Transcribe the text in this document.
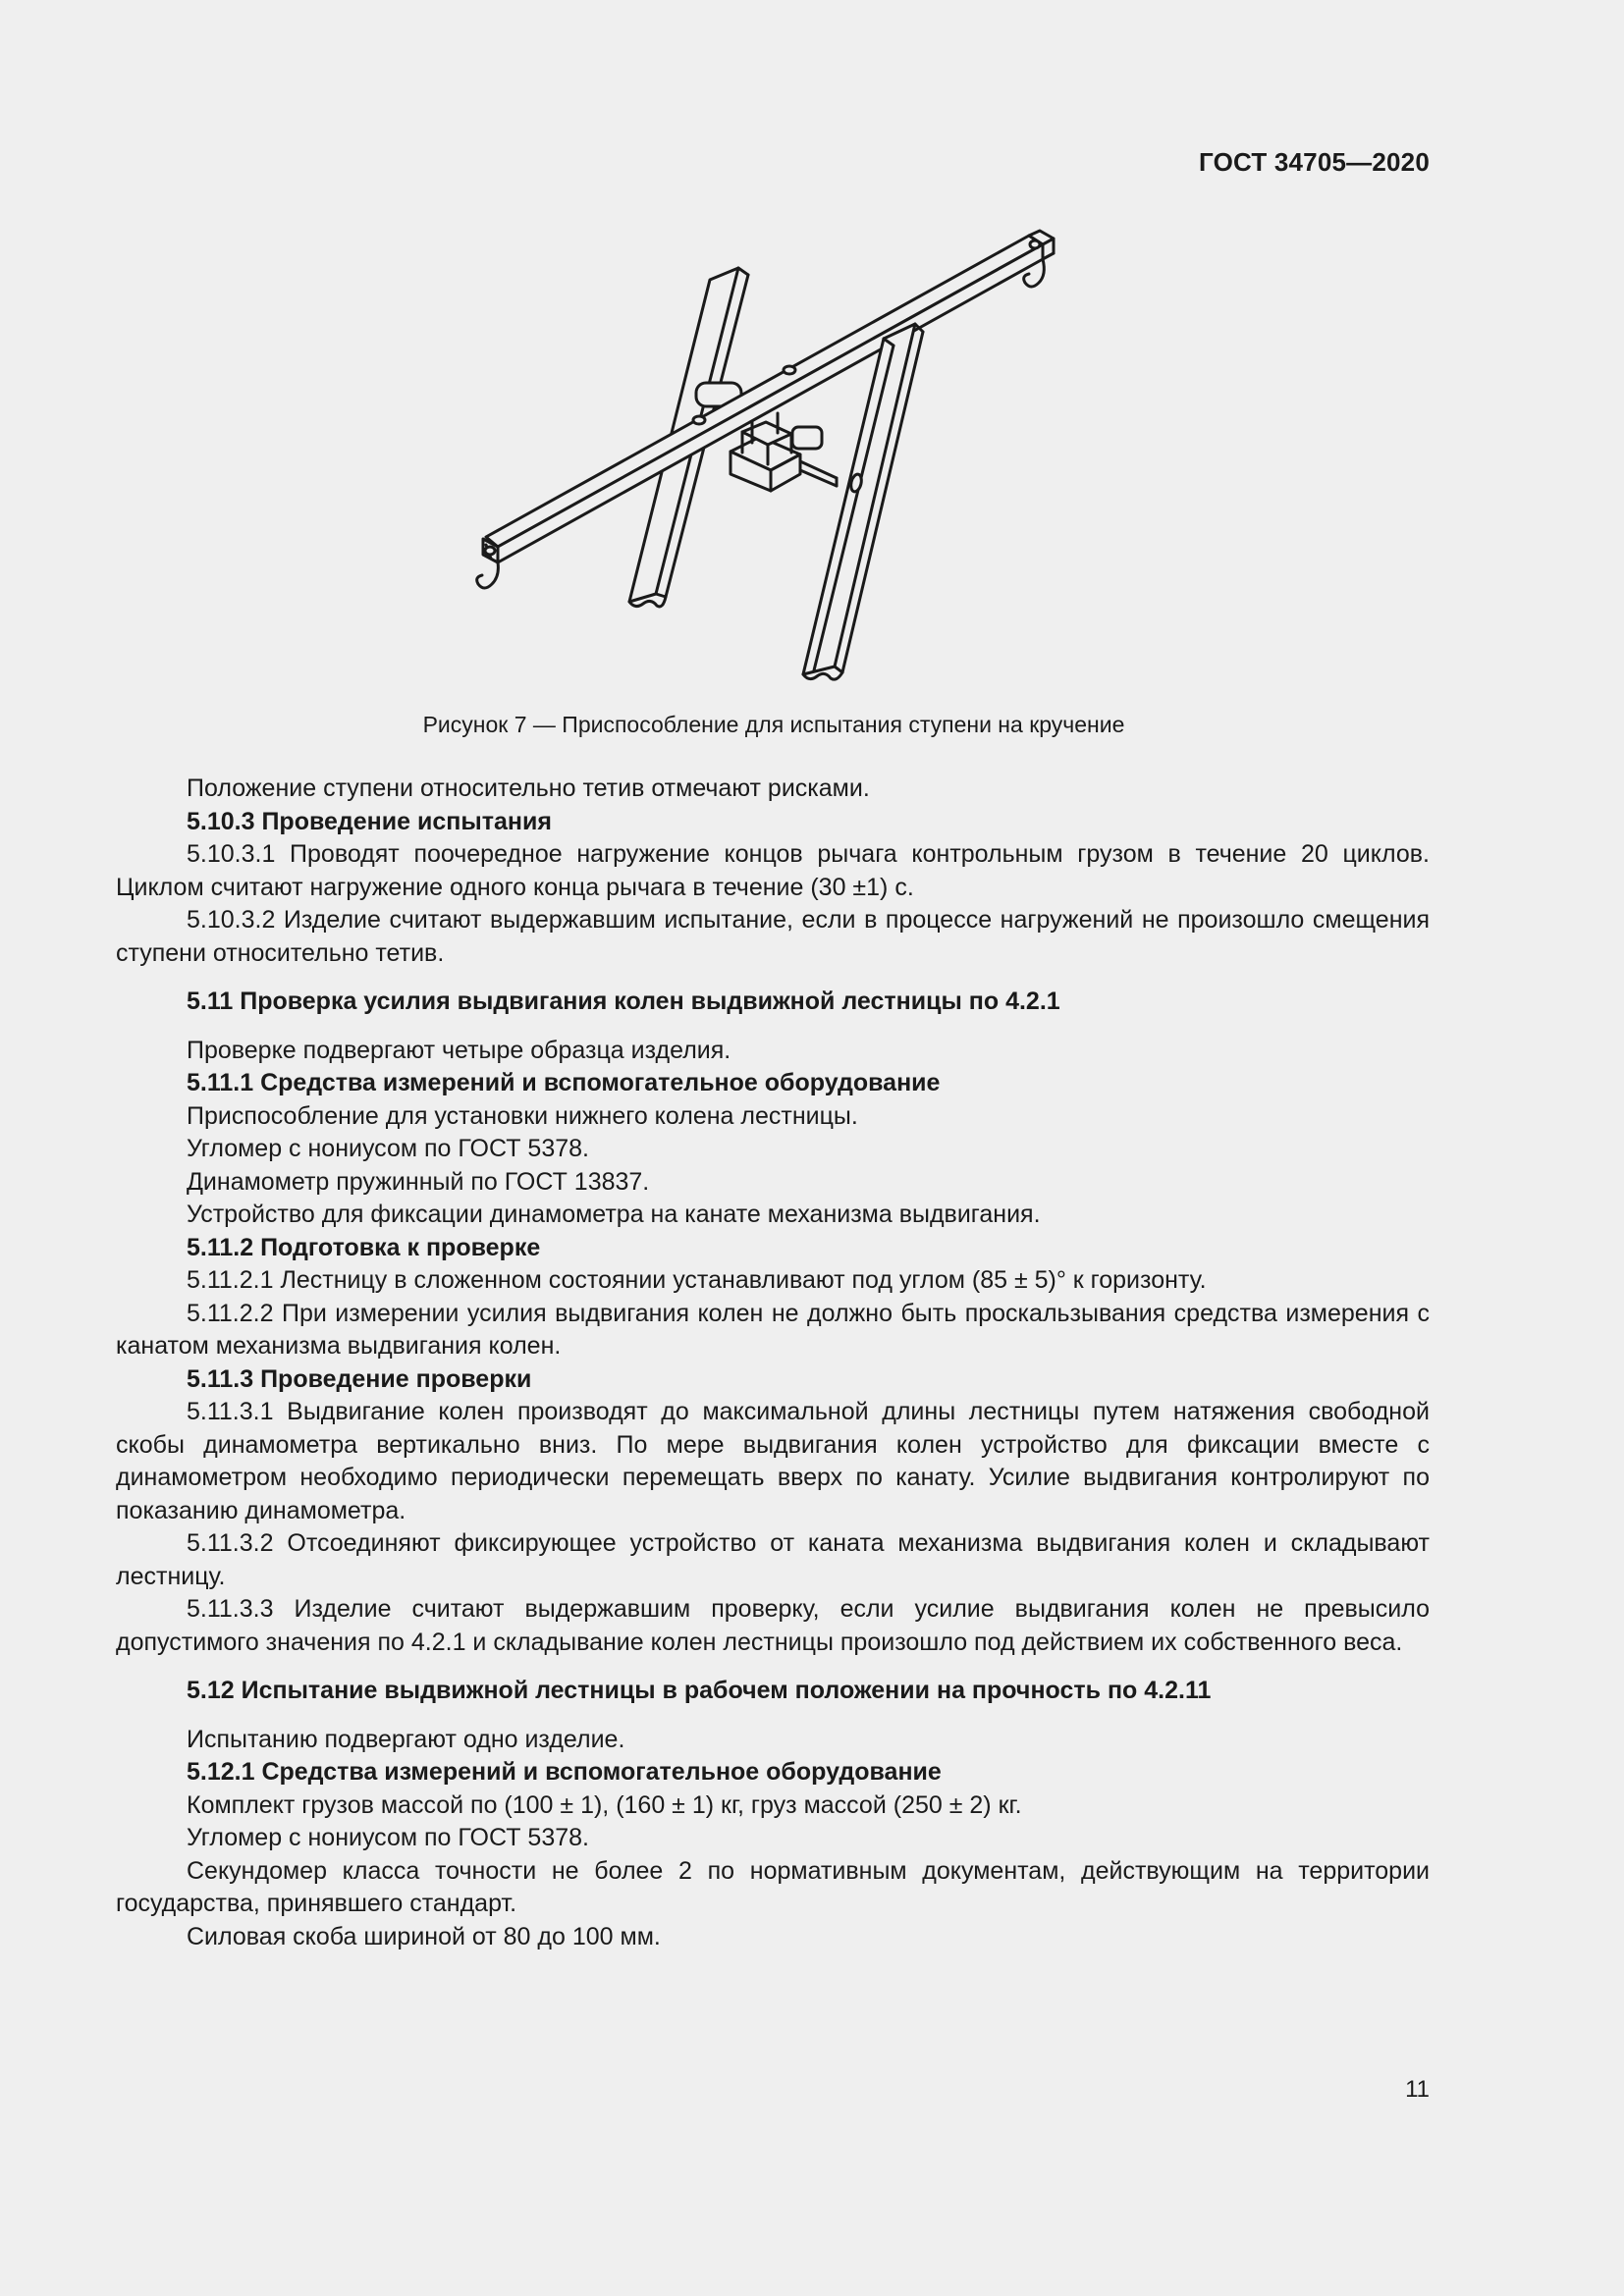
ГОСТ 34705—2020
Рисунок 7 — Приспособление для испытания ступени на кручение

Положение ступени относительно тетив отмечают рисками.

5.10.3 Проведение испытания

5.10.3.1 Проводят поочередное нагружение концов рычага контрольным грузом в течение 20 циклов. Циклом считают нагружение одного конца рычага в течение (30 ±1) с.

5.10.3.2 Изделие считают выдержавшим испытание, если в процессе нагружений не произошло смещения ступени относительно тетив.

5.11 Проверка усилия выдвигания колен выдвижной лестницы по 4.2.1

Проверке подвергают четыре образца изделия.

5.11.1 Средства измерений и вспомогательное оборудование

Приспособление для установки нижнего колена лестницы.

Угломер с нониусом по ГОСТ 5378.

Динамометр пружинный по ГОСТ 13837.

Устройство для фиксации динамометра на канате механизма выдвигания.

5.11.2 Подготовка к проверке

5.11.2.1 Лестницу в сложенном состоянии устанавливают под углом (85 ± 5)° к горизонту.

5.11.2.2 При измерении усилия выдвигания колен не должно быть проскальзывания средства измерения с канатом механизма выдвигания колен.

5.11.3 Проведение проверки

5.11.3.1 Выдвигание колен производят до максимальной длины лестницы путем натяжения свободной скобы динамометра вертикально вниз. По мере выдвигания колен устройство для фиксации вместе с динамометром необходимо периодически перемещать вверх по канату. Усилие выдвигания контролируют по показанию динамометра.

5.11.3.2 Отсоединяют фиксирующее устройство от каната механизма выдвигания колен и складывают лестницу.

5.11.3.3 Изделие считают выдержавшим проверку, если усилие выдвигания колен не превысило допустимого значения по 4.2.1 и складывание колен лестницы произошло под действием их собственного веса.

5.12 Испытание выдвижной лестницы в рабочем положении на прочность по 4.2.11

Испытанию подвергают одно изделие.

5.12.1 Средства измерений и вспомогательное оборудование

Комплект грузов массой по (100 ± 1), (160 ± 1) кг, груз массой (250 ± 2) кг.

Угломер с нониусом по ГОСТ 5378.

Секундомер класса точности не более 2 по нормативным документам, действующим на территории государства, принявшего стандарт.

Силовая скоба шириной от 80 до 100 мм.

11
